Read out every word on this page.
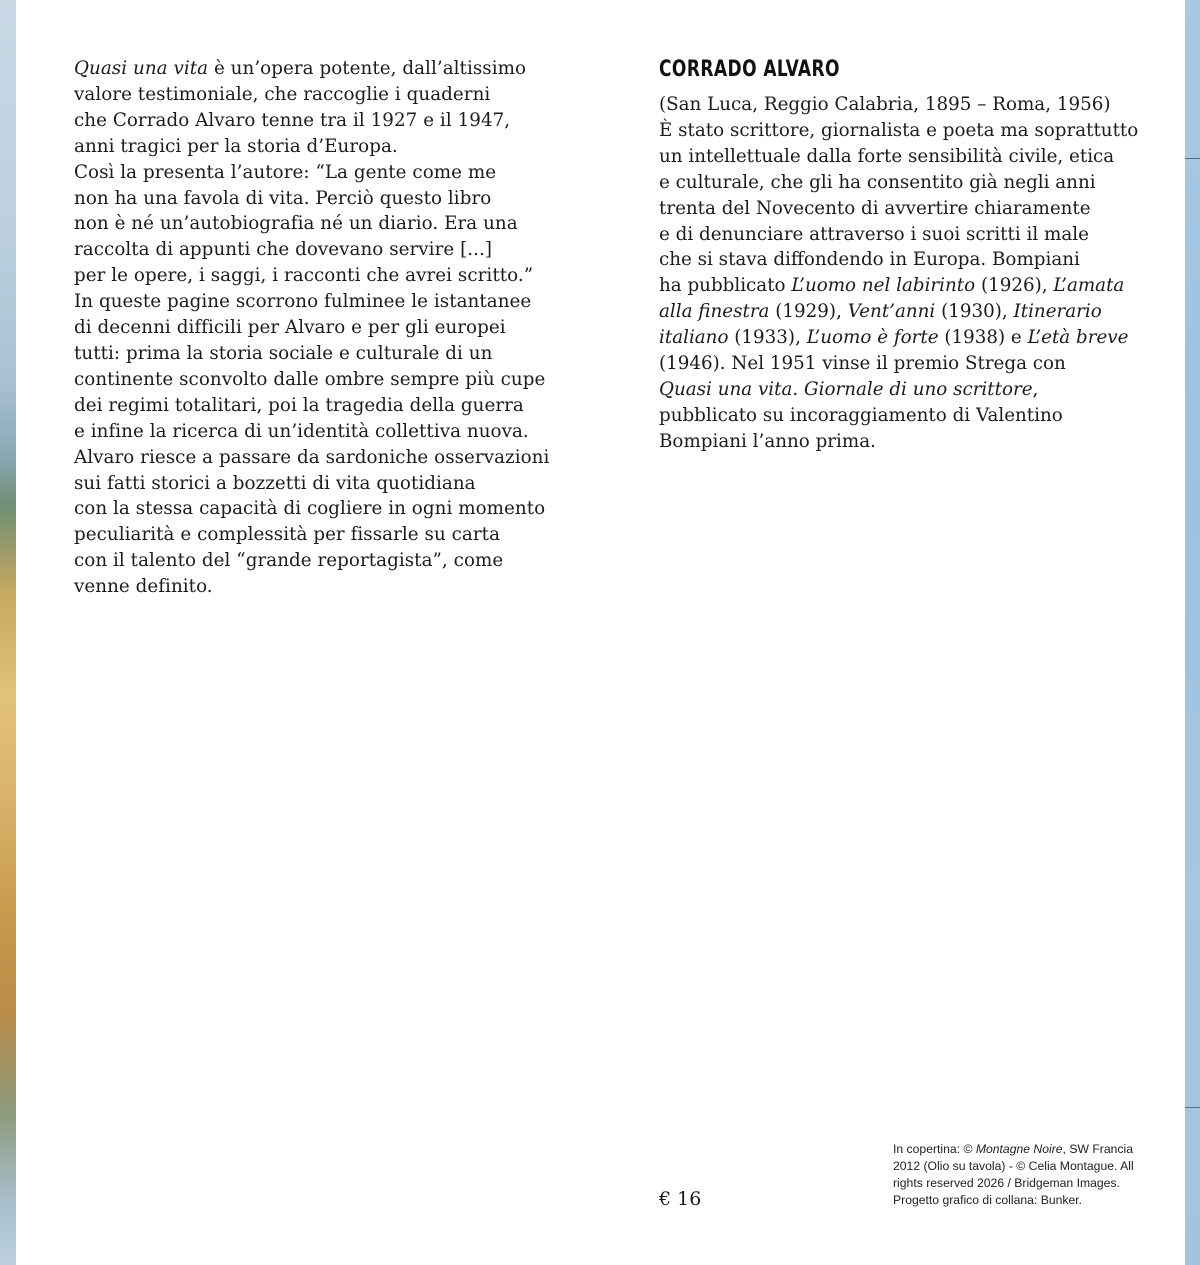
Quasi una vita è un’opera potente, dall’altissimo
valore testimoniale, che raccoglie i quaderni
che Corrado Alvaro tenne tra il 1927 e il 1947,
anni tragici per la storia d’Europa.
Così la presenta l’autore: “La gente come me
non ha una favola di vita. Perciò questo libro
non è né un’autobiografia né un diario. Era una
raccolta di appunti che dovevano servire [...]
per le opere, i saggi, i racconti che avrei scritto.”
In queste pagine scorrono fulminee le istantanee
di decenni difficili per Alvaro e per gli europei
tutti: prima la storia sociale e culturale di un
continente sconvolto dalle ombre sempre più cupe
dei regimi totalitari, poi la tragedia della guerra
e infine la ricerca di un’identità collettiva nuova.
Alvaro riesce a passare da sardoniche osservazioni
sui fatti storici a bozzetti di vita quotidiana
con la stessa capacità di cogliere in ogni momento
peculiarità e complessità per fissarle su carta
con il talento del “grande reportagista”, come
venne definito.
CORRADO ALVARO
(San Luca, Reggio Calabria, 1895 – Roma, 1956)
È stato scrittore, giornalista e poeta ma soprattutto
un intellettuale dalla forte sensibilità civile, etica
e culturale, che gli ha consentito già negli anni
trenta del Novecento di avvertire chiaramente
e di denunciare attraverso i suoi scritti il male
che si stava diffondendo in Europa. Bompiani
ha pubblicato L’uomo nel labirinto (1926), L’amata
alla finestra (1929), Vent’anni (1930), Itinerario
italiano (1933), L’uomo è forte (1938) e L’età breve
(1946). Nel 1951 vinse il premio Strega con
Quasi una vita. Giornale di uno scrittore,
pubblicato su incoraggiamento di Valentino
Bompiani l’anno prima.
€ 16
In copertina: © Montagne Noire, SW Francia
2012 (Olio su tavola) - © Celia Montague. All
rights reserved 2026 / Bridgeman Images.
Progetto grafico di collana: Bunker.
